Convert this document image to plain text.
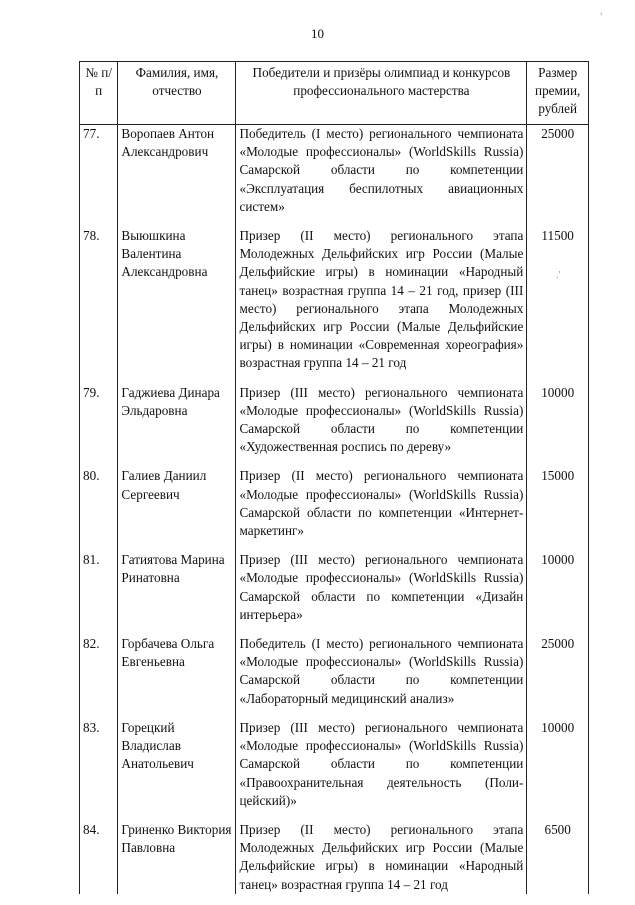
10
№ п/п	Фамилия, имя, отчество	Победители и призёры олимпиад и конкурсов профессионального мастерства	Размер премии, рублей
77.	Воропаев Антон Александрович	Победитель (I место) регионального чемпионата «Молодые профессионалы» (WorldSkills Russia) Самарской области по компетенции «Эксплуатация беспилотных авиационных систем»	25000
78.	Выюшкина Валентина Александровна	Призер (II место) регионального этапа Молодежных Дельфийских игр России (Малые Дельфийские игры) в номинации «Народный танец» возрастная группа 14 – 21 год, призер (III место) регионального этапа Молодежных Дельфийских игр России (Малые Дельфийские игры) в номинации «Современная хореография» возрастная группа 14 – 21 год	11500
79.	Гаджиева Динара Эльдаровна	Призер (III место) регионального чемпионата «Молодые профессионалы» (WorldSkills Russia) Самарской области по компетенции «Художественная роспись по дереву»	10000
80.	Галиев Даниил Сергеевич	Призер (II место) регионального чемпионата «Молодые профессионалы» (WorldSkills Russia) Самарской области по компетенции «Интернет-маркетинг»	15000
81.	Гатиятова Марина Ринатовна	Призер (III место) регионального чемпионата «Молодые профессионалы» (WorldSkills Russia) Самарской области по компетенции «Дизайн интерьера»	10000
82.	Горбачева Ольга Евгеньевна	Победитель (I место) регионального чемпионата «Молодые профессионалы» (WorldSkills Russia) Самарской области по компетенции «Лабораторный медицинский анализ»	25000
83.	Горецкий Владислав Анатольевич	Призер (III место) регионального чемпионата «Молодые профессионалы» (WorldSkills Russia) Самарской области по компетенции «Правоохранительная деятельность (Поли-цейский)»	10000
84.	Гриненко Виктория Павловна	Призер (II место) регионального этапа Молодежных Дельфийских игр России (Малые Дельфийские игры) в номинации «Народный танец» возрастная группа 14 – 21 год	6500
,
.'
